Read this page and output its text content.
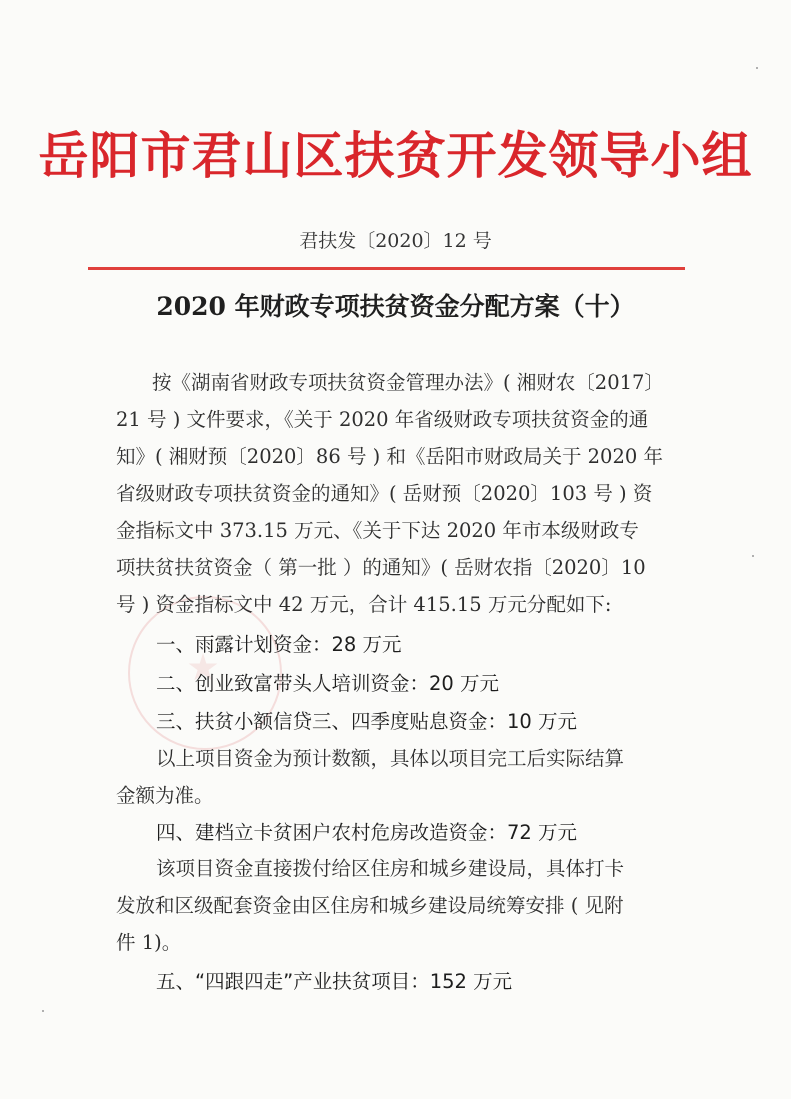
岳阳市君山区扶贫开发领导小组
君扶发〔2020〕12 号
2020 年财政专项扶贫资金分配方案（十）
按《湖南省财政专项扶贫资金管理办法》( 湘财农〔2017〕
21 号 ) 文件要求，《关于 2020 年省级财政专项扶贫资金的通
知》( 湘财预〔2020〕86 号 ) 和《岳阳市财政局关于 2020 年
省级财政专项扶贫资金的通知》( 岳财预〔2020〕103 号 ) 资
金指标文中 373.15 万元、《关于下达 2020 年市本级财政专
项扶贫扶贫资金（ 第一批 ）的通知》( 岳财农指〔2020〕10
号 ) 资金指标文中 42 万元，合计 415.15 万元分配如下:
一、雨露计划资金：28 万元
二、创业致富带头人培训资金：20 万元
三、扶贫小额信贷三、四季度贴息资金：10 万元
以上项目资金为预计数额，具体以项目完工后实际结算
金额为准。
四、建档立卡贫困户农村危房改造资金：72 万元
该项目资金直接拨付给区住房和城乡建设局，具体打卡
发放和区级配套资金由区住房和城乡建设局统筹安排 ( 见附
件 1)。
五、“四跟四走”产业扶贫项目：152 万元
